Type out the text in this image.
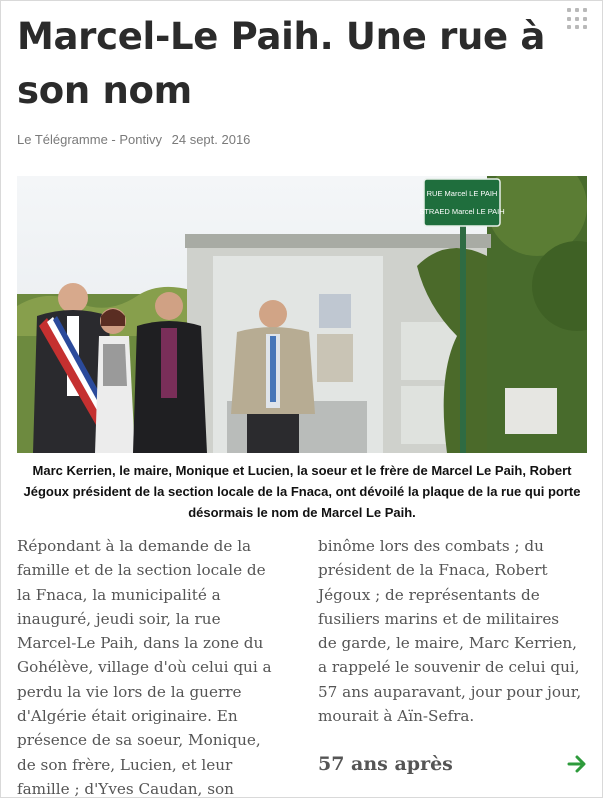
Marcel-Le Paih. Une rue à son nom
Le Télégramme - Pontivy 24 sept. 2016
RUE Marcel LE PAIH
STRAED Marcel LE PAIH
Marc Kerrien, le maire, Monique et Lucien, la soeur et le frère de Marcel Le Paih, Robert Jégoux président de la section locale de la Fnaca, ont dévoilé la plaque de la rue qui porte désormais le nom de Marcel Le Paih.

Répondant à la demande de la famille et de la section locale de la Fnaca, la municipalité a inauguré, jeudi soir, la rue Marcel-Le Paih, dans la zone du Gohélève, village d'où celui qui a perdu la vie lors de la guerre d'Algérie était originaire. En présence de sa soeur, Monique, de son frère, Lucien, et leur famille ; d'Yves Caudan, son

binôme lors des combats ; du président de la Fnaca, Robert Jégoux ; de représentants de fusiliers marins et de militaires de garde, le maire, Marc Kerrien, a rappelé le souvenir de celui qui, 57 ans auparavant, jour pour jour, mourait à Aïn-Sefra.

57 ans après
